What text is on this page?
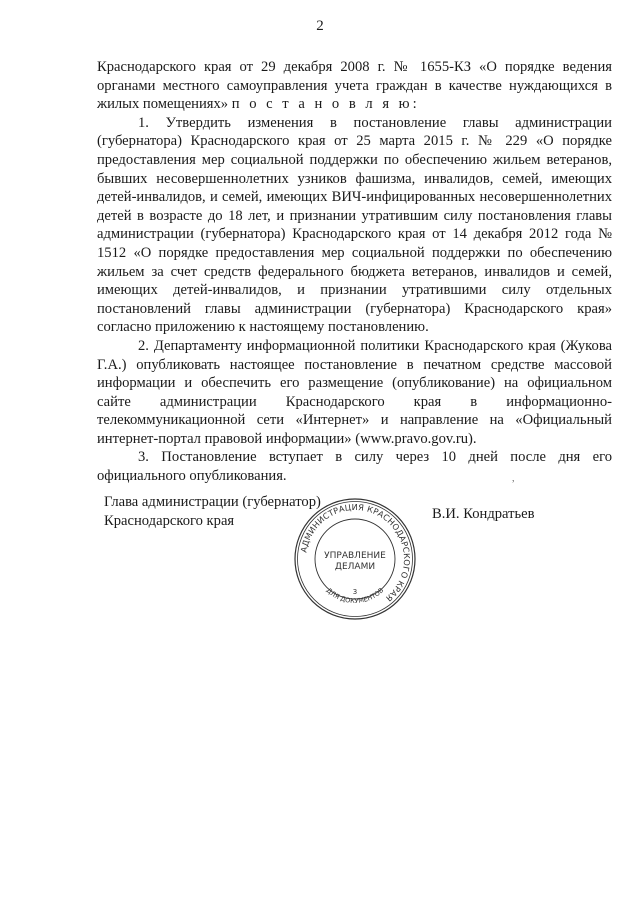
2

Краснодарского края от 29 декабря 2008 г. № 1655-КЗ «О порядке ведения органами местного самоуправления учета граждан в качестве нуждающихся в жилых помещениях» п о с т а н о в л я ю:

1. Утвердить изменения в постановление главы администрации (губернатора) Краснодарского края от 25 марта 2015 г. № 229 «О порядке предоставления мер социальной поддержки по обеспечению жильем ветеранов, бывших несовершеннолетних узников фашизма, инвалидов, семей, имеющих детей-инвалидов, и семей, имеющих ВИЧ-инфицированных несовершеннолетних детей в возрасте до 18 лет, и признании утратившим силу постановления главы администрации (губернатора) Краснодарского края от 14 декабря 2012 года № 1512 «О порядке предоставления мер социальной поддержки по обеспечению жильем за счет средств федерального бюджета ветеранов, инвалидов и семей, имеющих детей-инвалидов, и признании утратившими силу отдельных постановлений главы администрации (губернатора) Краснодарского края» согласно приложению к настоящему постановлению.

2. Департаменту информационной политики Краснодарского края (Жукова Г.А.) опубликовать настоящее постановление в печатном средстве массовой информации и обеспечить его размещение (опубликование) на официальном сайте администрации Краснодарского края в информационно-телекоммуникационной сети «Интернет» и направление на «Официальный интернет-портал правовой информации» (www.pravo.gov.ru).

3. Постановление вступает в силу через 10 дней после дня его официального опубликования.

Глава администрации (губернатор)
Краснодарского края	В.И. Кондратьев
,
АДМИНИСТРАЦИЯ КРАСНОДАРСКОГО КРАЯ
ДЛЯ ДОКУМЕНТОВ
УПРАВЛЕНИЕ
ДЕЛАМИ
3
